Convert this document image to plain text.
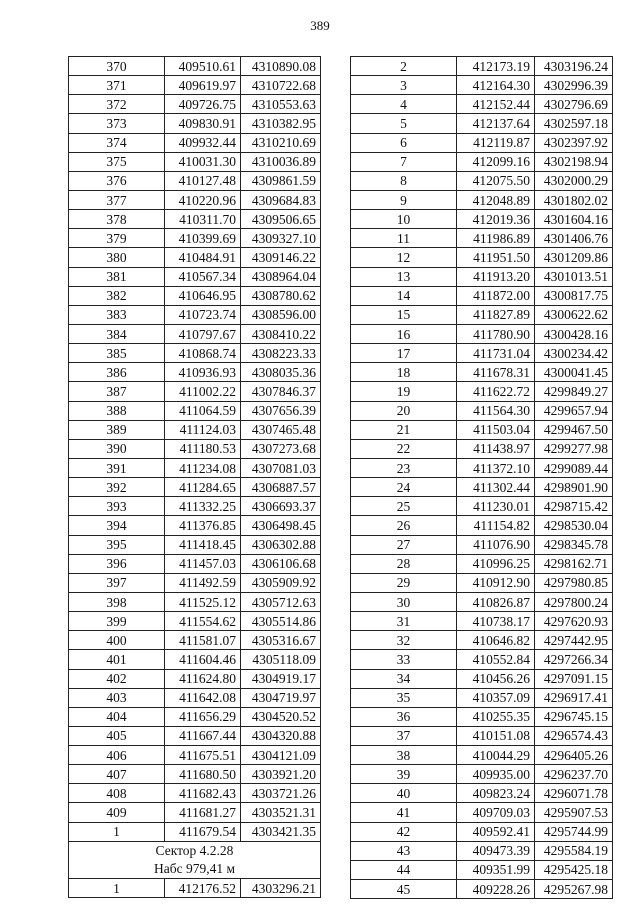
389
370	409510.61	4310890.08
371	409619.97	4310722.68
372	409726.75	4310553.63
373	409830.91	4310382.95
374	409932.44	4310210.69
375	410031.30	4310036.89
376	410127.48	4309861.59
377	410220.96	4309684.83
378	410311.70	4309506.65
379	410399.69	4309327.10
380	410484.91	4309146.22
381	410567.34	4308964.04
382	410646.95	4308780.62
383	410723.74	4308596.00
384	410797.67	4308410.22
385	410868.74	4308223.33
386	410936.93	4308035.36
387	411002.22	4307846.37
388	411064.59	4307656.39
389	411124.03	4307465.48
390	411180.53	4307273.68
391	411234.08	4307081.03
392	411284.65	4306887.57
393	411332.25	4306693.37
394	411376.85	4306498.45
395	411418.45	4306302.88
396	411457.03	4306106.68
397	411492.59	4305909.92
398	411525.12	4305712.63
399	411554.62	4305514.86
400	411581.07	4305316.67
401	411604.46	4305118.09
402	411624.80	4304919.17
403	411642.08	4304719.97
404	411656.29	4304520.52
405	411667.44	4304320.88
406	411675.51	4304121.09
407	411680.50	4303921.20
408	411682.43	4303721.26
409	411681.27	4303521.31
1	411679.54	4303421.35
Сектор 4.2.28		
Набс 979,41 м		
1	412176.52	4303296.21
2	412173.19	4303196.24
3	412164.30	4302996.39
4	412152.44	4302796.69
5	412137.64	4302597.18
6	412119.87	4302397.92
7	412099.16	4302198.94
8	412075.50	4302000.29
9	412048.89	4301802.02
10	412019.36	4301604.16
11	411986.89	4301406.76
12	411951.50	4301209.86
13	411913.20	4301013.51
14	411872.00	4300817.75
15	411827.89	4300622.62
16	411780.90	4300428.16
17	411731.04	4300234.42
18	411678.31	4300041.45
19	411622.72	4299849.27
20	411564.30	4299657.94
21	411503.04	4299467.50
22	411438.97	4299277.98
23	411372.10	4299089.44
24	411302.44	4298901.90
25	411230.01	4298715.42
26	411154.82	4298530.04
27	411076.90	4298345.78
28	410996.25	4298162.71
29	410912.90	4297980.85
30	410826.87	4297800.24
31	410738.17	4297620.93
32	410646.82	4297442.95
33	410552.84	4297266.34
34	410456.26	4297091.15
35	410357.09	4296917.41
36	410255.35	4296745.15
37	410151.08	4296574.43
38	410044.29	4296405.26
39	409935.00	4296237.70
40	409823.24	4296071.78
41	409709.03	4295907.53
42	409592.41	4295744.99
43	409473.39	4295584.19
44	409351.99	4295425.18
45	409228.26	4295267.98
